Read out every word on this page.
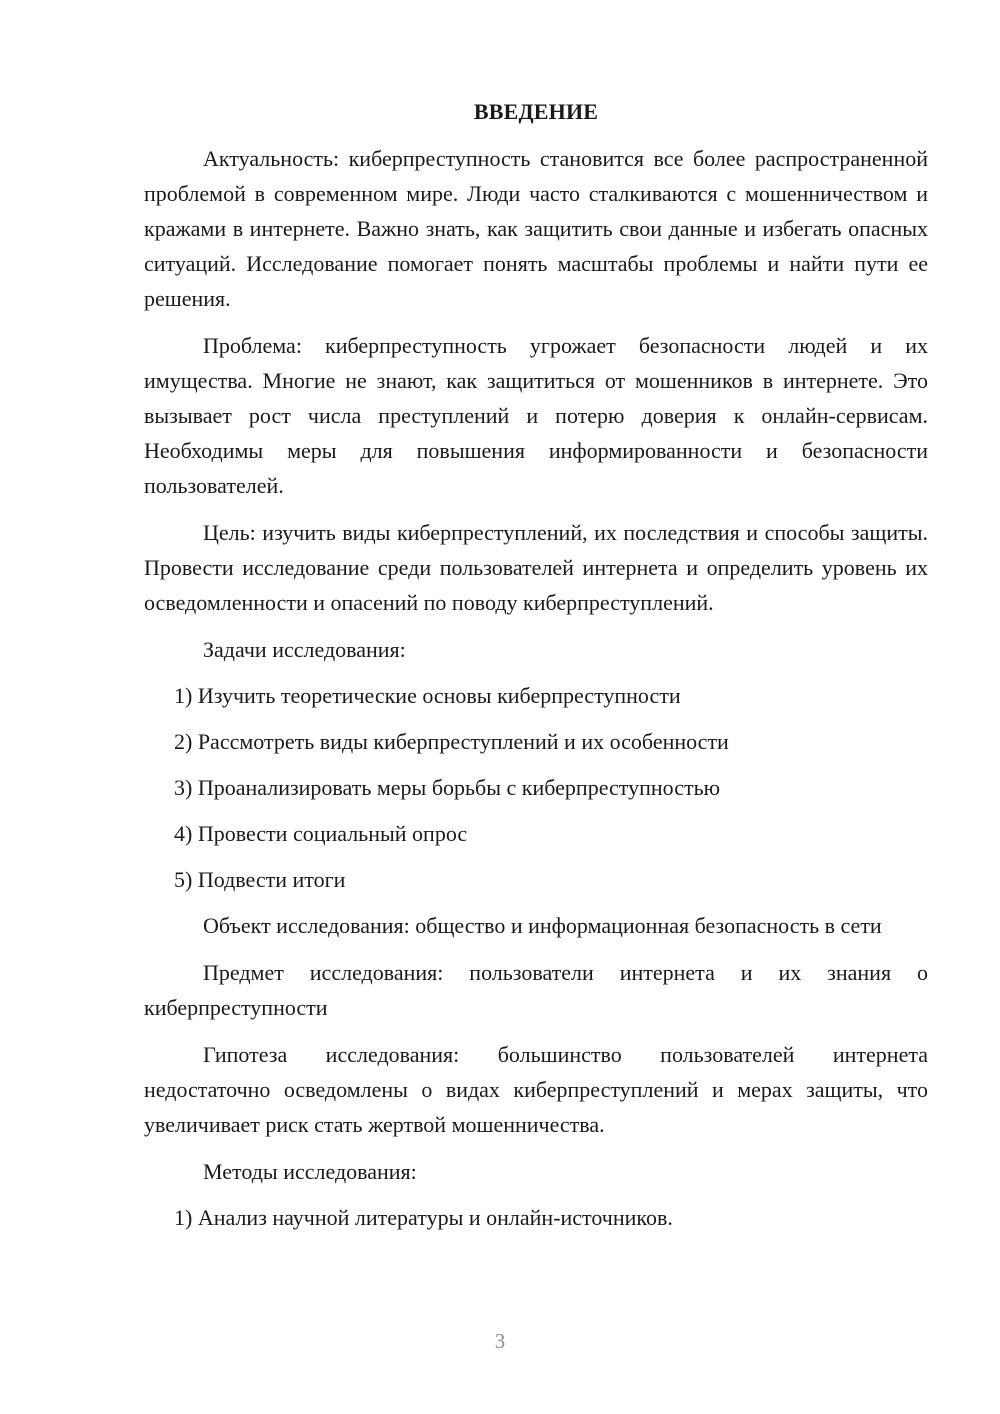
ВВЕДЕНИЕ

Актуальность: киберпреступность становится все более распространенной проблемой в современном мире. Люди часто сталкиваются с мошенничеством и кражами в интернете. Важно знать, как защитить свои данные и избегать опасных ситуаций. Исследование помогает понять масштабы проблемы и найти пути ее решения.

Проблема: киберпреступность угрожает безопасности людей и их имущества. Многие не знают, как защититься от мошенников в интернете. Это вызывает рост числа преступлений и потерю доверия к онлайн-сервисам. Необходимы меры для повышения информированности и безопасности пользователей.

Цель: изучить виды киберпреступлений, их последствия и способы защиты. Провести исследование среди пользователей интернета и определить уровень их осведомленности и опасений по поводу киберпреступлений.

Задачи исследования:

1) Изучить теоретические основы киберпреступности

2) Рассмотреть виды киберпреступлений и их особенности

3) Проанализировать меры борьбы с киберпреступностью

4) Провести социальный опрос

5) Подвести итоги

Объект исследования: общество и информационная безопасность в сети

Предмет исследования: пользователи интернета и их знания о киберпреступности

Гипотеза исследования: большинство пользователей интернета недостаточно осведомлены о видах киберпреступлений и мерах защиты, что увеличивает риск стать жертвой мошенничества.

Методы исследования:

1) Анализ научной литературы и онлайн-источников.

3
